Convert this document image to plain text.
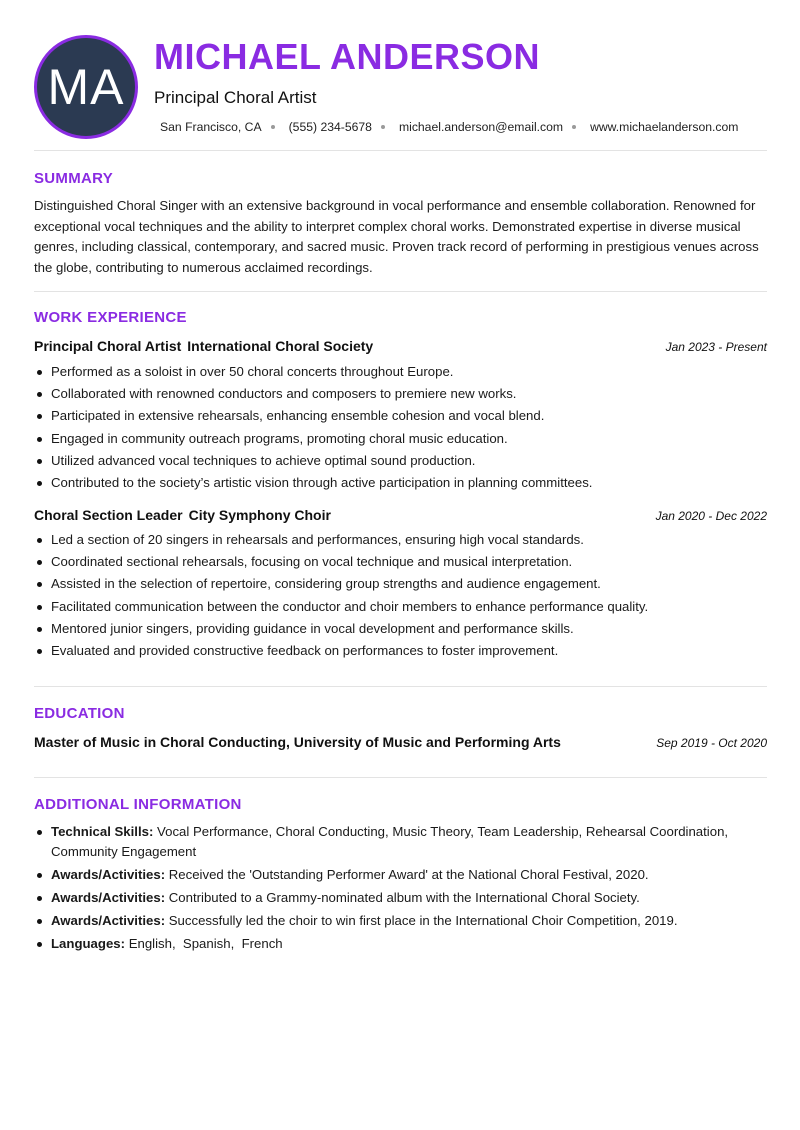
MA
MICHAEL ANDERSON
Principal Choral Artist
San Francisco, CA (555) 234-5678 michael.anderson@email.com www.michaelanderson.com
SUMMARY
Distinguished Choral Singer with an extensive background in vocal performance and ensemble collaboration. Renowned for exceptional vocal techniques and the ability to interpret complex choral works. Demonstrated expertise in diverse musical genres, including classical, contemporary, and sacred music. Proven track record of performing in prestigious venues across the globe, contributing to numerous acclaimed recordings.
WORK EXPERIENCE
Principal Choral Artist International Choral Society	Jan 2023 - Present
Performed as a soloist in over 50 choral concerts throughout Europe.
Collaborated with renowned conductors and composers to premiere new works.
Participated in extensive rehearsals, enhancing ensemble cohesion and vocal blend.
Engaged in community outreach programs, promoting choral music education.
Utilized advanced vocal techniques to achieve optimal sound production.
Contributed to the society’s artistic vision through active participation in planning committees.
Choral Section Leader City Symphony Choir	Jan 2020 - Dec 2022
Led a section of 20 singers in rehearsals and performances, ensuring high vocal standards.
Coordinated sectional rehearsals, focusing on vocal technique and musical interpretation.
Assisted in the selection of repertoire, considering group strengths and audience engagement.
Facilitated communication between the conductor and choir members to enhance performance quality.
Mentored junior singers, providing guidance in vocal development and performance skills.
Evaluated and provided constructive feedback on performances to foster improvement.
EDUCATION
Master of Music in Choral Conducting, University of Music and Performing Arts	Sep 2019 - Oct 2020
ADDITIONAL INFORMATION
Technical Skills: Vocal Performance, Choral Conducting, Music Theory, Team Leadership, Rehearsal Coordination, Community Engagement
Awards/Activities: Received the 'Outstanding Performer Award' at the National Choral Festival, 2020.
Awards/Activities: Contributed to a Grammy-nominated album with the International Choral Society.
Awards/Activities: Successfully led the choir to win first place in the International Choir Competition, 2019.
Languages: English,  Spanish,  French
